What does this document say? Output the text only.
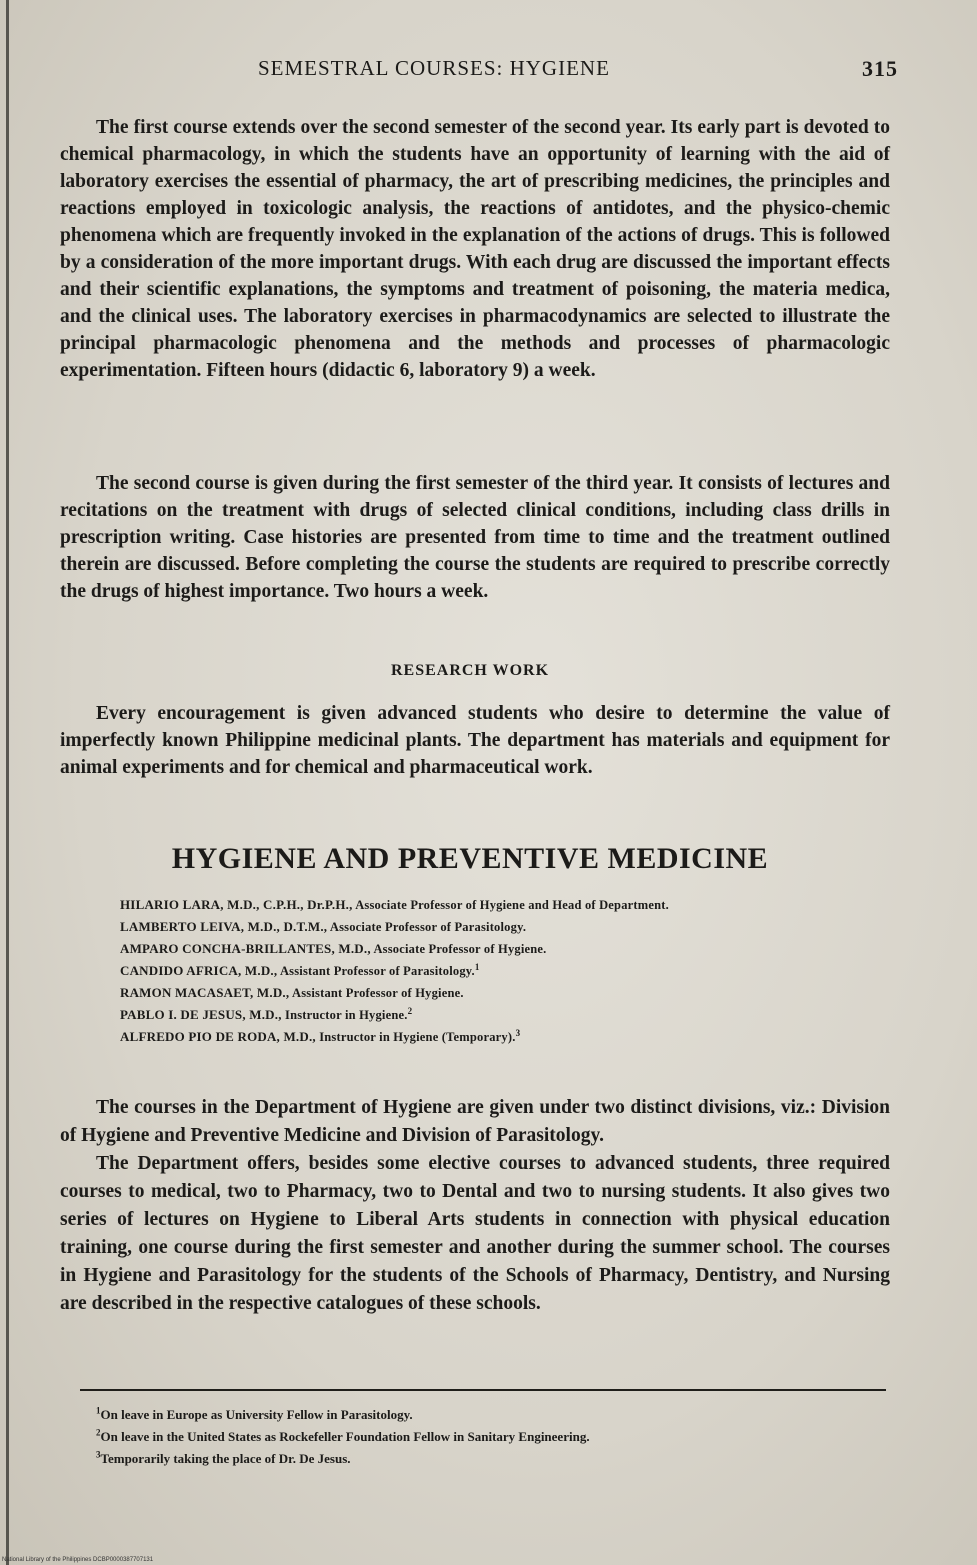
SEMESTRAL COURSES: HYGIENE	315

The first course extends over the second semester of the second year. Its early part is devoted to chemical pharmacology, in which the students have an opportunity of learning with the aid of laboratory exercises the essential of pharmacy, the art of prescribing medicines, the principles and reactions employed in toxicologic analysis, the reactions of antidotes, and the physico-chemic phenomena which are frequently invoked in the explanation of the actions of drugs. This is followed by a consideration of the more important drugs. With each drug are discussed the important effects and their scientific explanations, the symptoms and treatment of poisoning, the materia medica, and the clinical uses. The laboratory exercises in pharmacodynamics are selected to illustrate the principal pharmacologic phenomena and the methods and processes of pharmacologic experimentation. Fifteen hours (didactic 6, laboratory 9) a week.

The second course is given during the first semester of the third year. It consists of lectures and recitations on the treatment with drugs of selected clinical conditions, including class drills in prescription writing. Case histories are presented from time to time and the treatment outlined therein are discussed. Before completing the course the students are required to prescribe correctly the drugs of highest importance. Two hours a week.

RESEARCH WORK

Every encouragement is given advanced students who desire to determine the value of imperfectly known Philippine medicinal plants. The department has materials and equipment for animal experiments and for chemical and pharmaceutical work.

HYGIENE AND PREVENTIVE MEDICINE
HILARIO LARA, M.D., C.P.H., Dr.P.H., Associate Professor of Hygiene and Head of Department.
LAMBERTO LEIVA, M.D., D.T.M., Associate Professor of Parasitology.
AMPARO CONCHA-BRILLANTES, M.D., Associate Professor of Hygiene.
CANDIDO AFRICA, M.D., Assistant Professor of Parasitology.$^1$
RAMON MACASAET, M.D., Assistant Professor of Hygiene.
PABLO I. DE JESUS, M.D., Instructor in Hygiene.$^2$
ALFREDO PIO DE RODA, M.D., Instructor in Hygiene (Temporary).$^3$

The courses in the Department of Hygiene are given under two distinct divisions, viz.: Division of Hygiene and Preventive Medicine and Division of Parasitology.

The Department offers, besides some elective courses to advanced students, three required courses to medical, two to Pharmacy, two to Dental and two to nursing students. It also gives two series of lectures on Hygiene to Liberal Arts students in connection with physical education training, one course during the first semester and another during the summer school. The courses in Hygiene and Parasitology for the students of the Schools of Pharmacy, Dentistry, and Nursing are described in the respective catalogues of these schools.

$^1$On leave in Europe as University Fellow in Parasitology.
$^2$On leave in the United States as Rockefeller Foundation Fellow in Sanitary Engineering.
$^3$Temporarily taking the place of Dr. De Jesus.
National Library of the Philippines DCBP0000387707131
